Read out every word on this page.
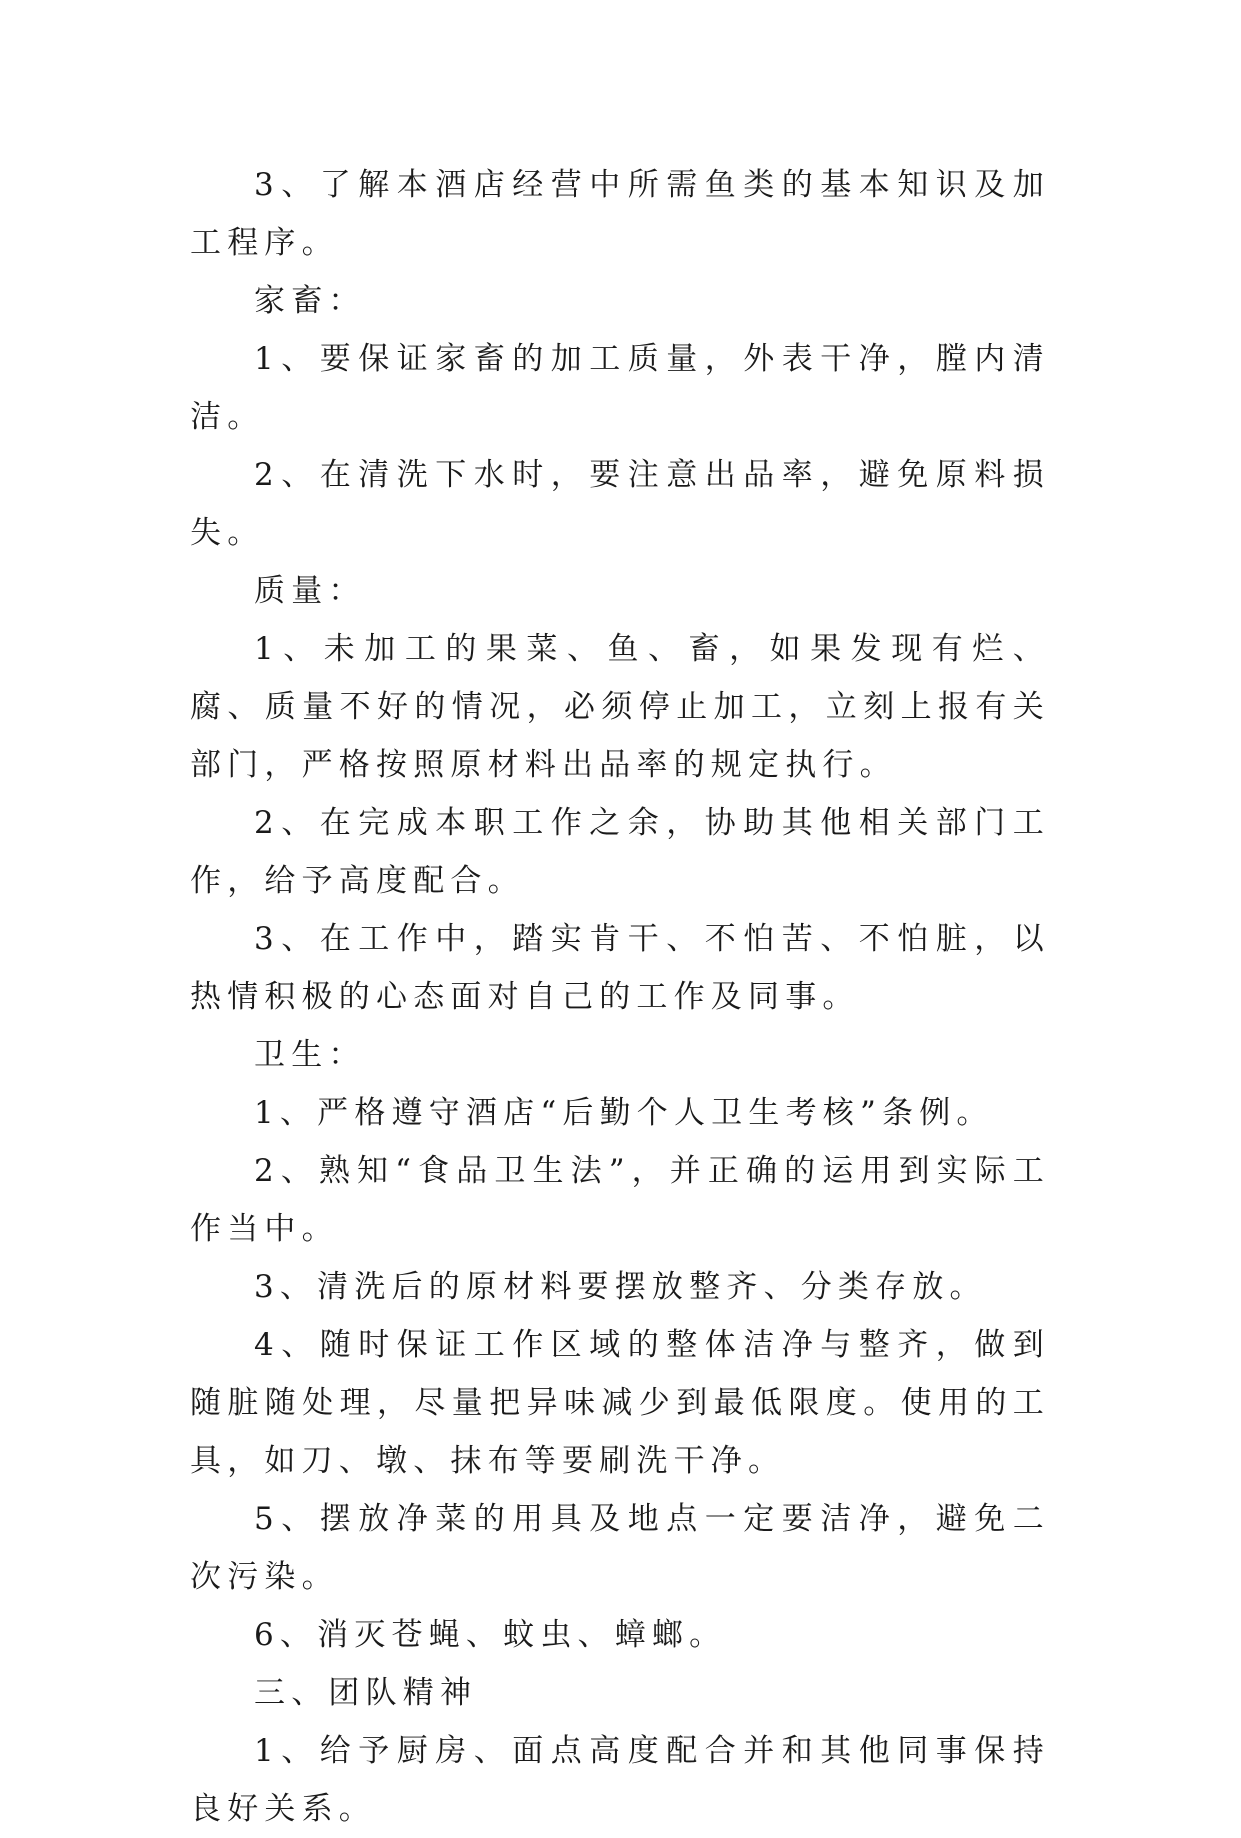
3、了解本酒店经营中所需鱼类的基本知识及加工程序。

家畜：

1、要保证家畜的加工质量，外表干净，膛内清洁。

2、在清洗下水时，要注意出品率，避免原料损失。

质量：

1、未加工的果菜、鱼、畜，如果发现有烂、腐、质量不好的情况，必须停止加工，立刻上报有关部门，严格按照原材料出品率的规定执行。

2、在完成本职工作之余，协助其他相关部门工作，给予高度配合。

3、在工作中，踏实肯干、不怕苦、不怕脏，以热情积极的心态面对自己的工作及同事。

卫生：

1、严格遵守酒店“后勤个人卫生考核”条例。

2、熟知“食品卫生法”，并正确的运用到实际工作当中。

3、清洗后的原材料要摆放整齐、分类存放。

4、随时保证工作区域的整体洁净与整齐，做到随脏随处理，尽量把异味减少到最低限度。使用的工具，如刀、墩、抹布等要刷洗干净。

5、摆放净菜的用具及地点一定要洁净，避免二次污染。

6、消灭苍蝇、蚊虫、蟑螂。

三、团队精神

1、给予厨房、面点高度配合并和其他同事保持良好关系。
